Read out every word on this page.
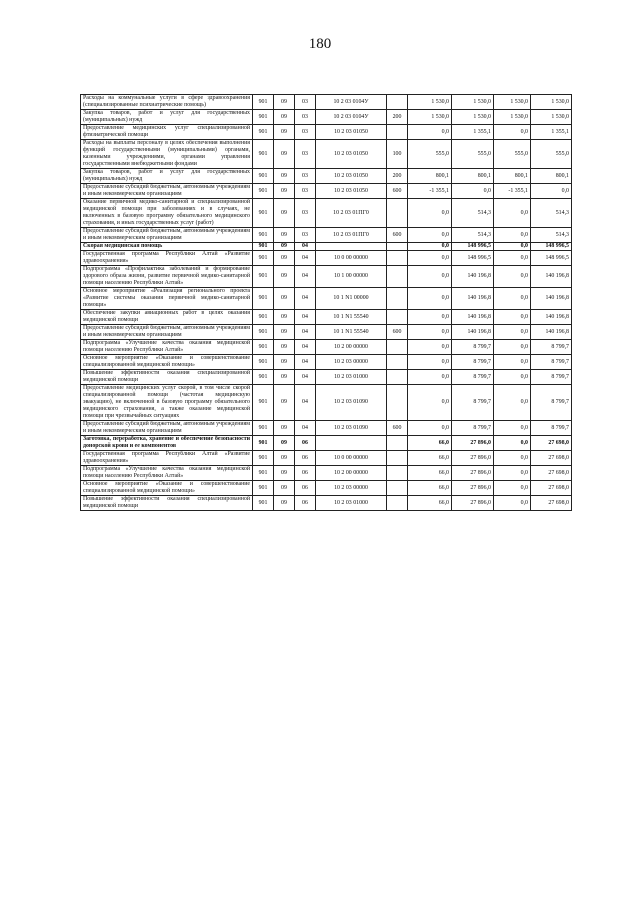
180
Расходы на коммунальные услуги в сфере здравоохранения (специализированные психиатрические помощь)	901	09	03	10 2 03 0104У		1 530,0	1 530,0	1 530,0	1 530,0
Закупка товаров, работ и услуг для государственных (муниципальных) нужд	901	09	03	10 2 03 0104У	200	1 530,0	1 530,0	1 530,0	1 530,0
Предоставление медицинских услуг специализированной фтизиатрической помощи	901	09	03	10 2 03 01050		0,0	1 355,1	0,0	1 355,1
Расходы на выплаты персоналу в целях обеспечения выполнения функций государственными (муниципальными) органами, казенными учреждениями, органами управления государственными внебюджетными фондами	901	09	03	10 2 03 01050	100	555,0	555,0	555,0	555,0
Закупка товаров, работ и услуг для государственных (муниципальных) нужд	901	09	03	10 2 03 01050	200	800,1	800,1	800,1	800,1
Предоставление субсидий бюджетным, автономным учреждениям и иным некоммерческим организациям	901	09	03	10 2 03 01050	600	-1 355,1	0,0	-1 355,1	0,0
Оказание первичной медико-санитарной и специализированной медицинской помощи при заболеваниях и в случаях, не включенных в базовую программу обязательного медицинского страхования, и иных государственных услуг (работ)	901	09	03	10 2 03 01ПГ0		0,0	514,3	0,0	514,3
Предоставление субсидий бюджетным, автономным учреждениям и иным некоммерческим организациям	901	09	03	10 2 03 01ПГ0	600	0,0	514,3	0,0	514,3
Скорая медицинская помощь	901	09	04			0,0	148 996,5	0,0	148 996,5
Государственная программа Республики Алтай «Развитие здравоохранения»	901	09	04	10 0 00 00000		0,0	148 996,5	0,0	148 996,5
Подпрограмма «Профилактика заболеваний и формирование здорового образа жизни, развитие первичной медико-санитарной помощи населению Республики Алтай»	901	09	04	10 1 00 00000		0,0	140 196,8	0,0	140 196,8
Основное мероприятие «Реализация регионального проекта «Развитие системы оказания первичной медико-санитарной помощи»	901	09	04	10 1 N1 00000		0,0	140 196,8	0,0	140 196,8
Обеспечение закупки авиационных работ в целях оказания медицинской помощи	901	09	04	10 1 N1 55540		0,0	140 196,8	0,0	140 196,8
Предоставление субсидий бюджетным, автономным учреждениям и иным некоммерческим организациям	901	09	04	10 1 N1 55540	600	0,0	140 196,8	0,0	140 196,8
Подпрограмма «Улучшение качества оказания медицинской помощи населению Республики Алтай»	901	09	04	10 2 00 00000		0,0	8 799,7	0,0	8 799,7
Основное мероприятие «Оказание и совершенствование специализированной медицинской помощи»	901	09	04	10 2 03 00000		0,0	8 799,7	0,0	8 799,7
Повышение эффективности оказания специализированной медицинской помощи	901	09	04	10 2 03 01000		0,0	8 799,7	0,0	8 799,7
Предоставление медицинских услуг скорой, в том числе скорой специализированной помощи (частотая медицинскую эвакуацию), не включенной в базовую программу обязательного медицинского страхования, а также оказание медицинской помощи при чрезвычайных ситуациях	901	09	04	10 2 03 01090		0,0	8 799,7	0,0	8 799,7
Предоставление субсидий бюджетным, автономным учреждениям и иным некоммерческим организациям	901	09	04	10 2 03 01090	600	0,0	8 799,7	0,0	8 799,7
Заготовка, переработка, хранение и обеспечение безопасности донорской крови и ее компонентов	901	09	06			66,0	27 896,0	0,0	27 698,0
Государственная программа Республики Алтай «Развитие здравоохранения»	901	09	06	10 0 00 00000		66,0	27 896,0	0,0	27 698,0
Подпрограмма «Улучшение качества оказания медицинской помощи населению Республики Алтай»	901	09	06	10 2 00 00000		66,0	27 896,0	0,0	27 698,0
Основное мероприятие «Оказание и совершенствование специализированной медицинской помощи»	901	09	06	10 2 03 00000		66,0	27 896,0	0,0	27 698,0
Повышение эффективности оказания специализированной медицинской помощи	901	09	06	10 2 03 01000		66,0	27 896,0	0,0	27 698,0
